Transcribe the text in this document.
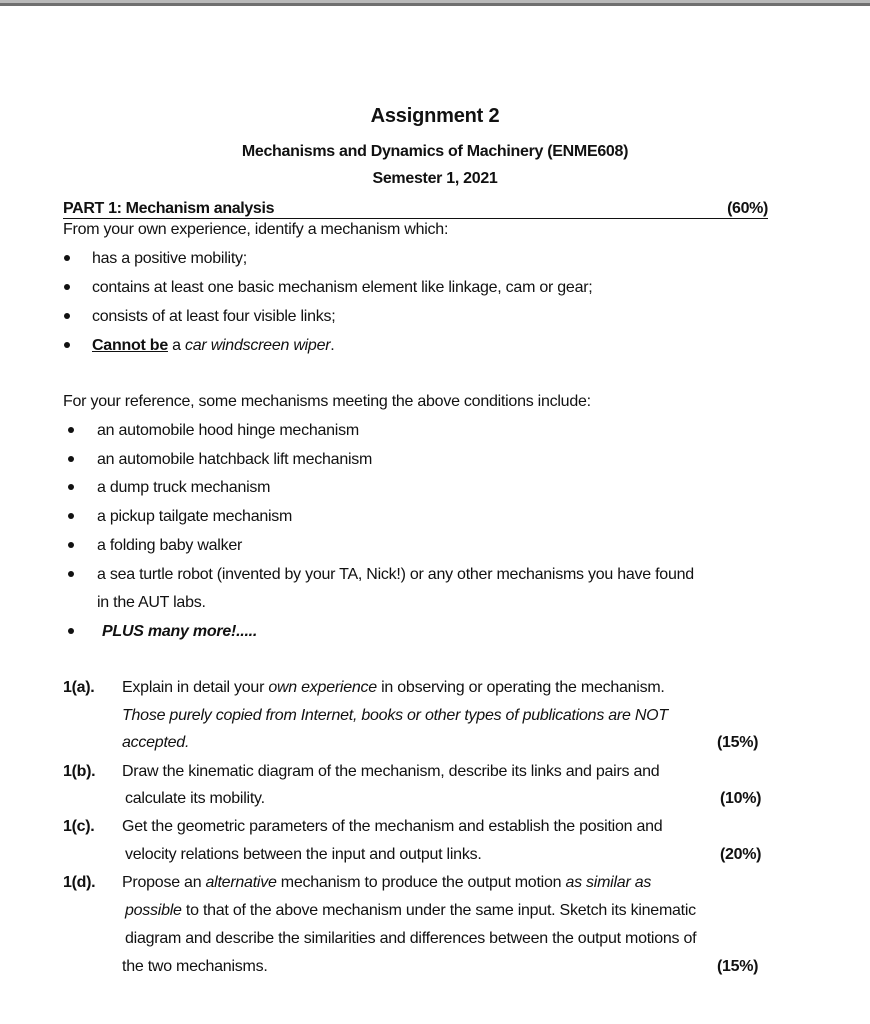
Assignment 2
Mechanisms and Dynamics of Machinery (ENME608)
Semester 1, 2021
PART 1: Mechanism analysis	(60%)
From your own experience, identify a mechanism which:
has a positive mobility;
contains at least one basic mechanism element like linkage, cam or gear;
consists of at least four visible links;
Cannot be a car windscreen wiper.
For your reference, some mechanisms meeting the above conditions include:
an automobile hood hinge mechanism
an automobile hatchback lift mechanism
a dump truck mechanism
a pickup tailgate mechanism
a folding baby walker
a sea turtle robot (invented by your TA, Nick!) or any other mechanisms you have found
in the AUT labs.
PLUS many more!.....
1(a). Explain in detail your own experience in observing or operating the mechanism.
Those purely copied from Internet, books or other types of publications are NOT
accepted.	(15%)
1(b). Draw the kinematic diagram of the mechanism, describe its links and pairs and
calculate its mobility.	(10%)
1(c). Get the geometric parameters of the mechanism and establish the position and
velocity relations between the input and output links.	(20%)
1(d). Propose an alternative mechanism to produce the output motion as similar as
possible to that of the above mechanism under the same input. Sketch its kinematic
diagram and describe the similarities and differences between the output motions of
the two mechanisms.	(15%)
